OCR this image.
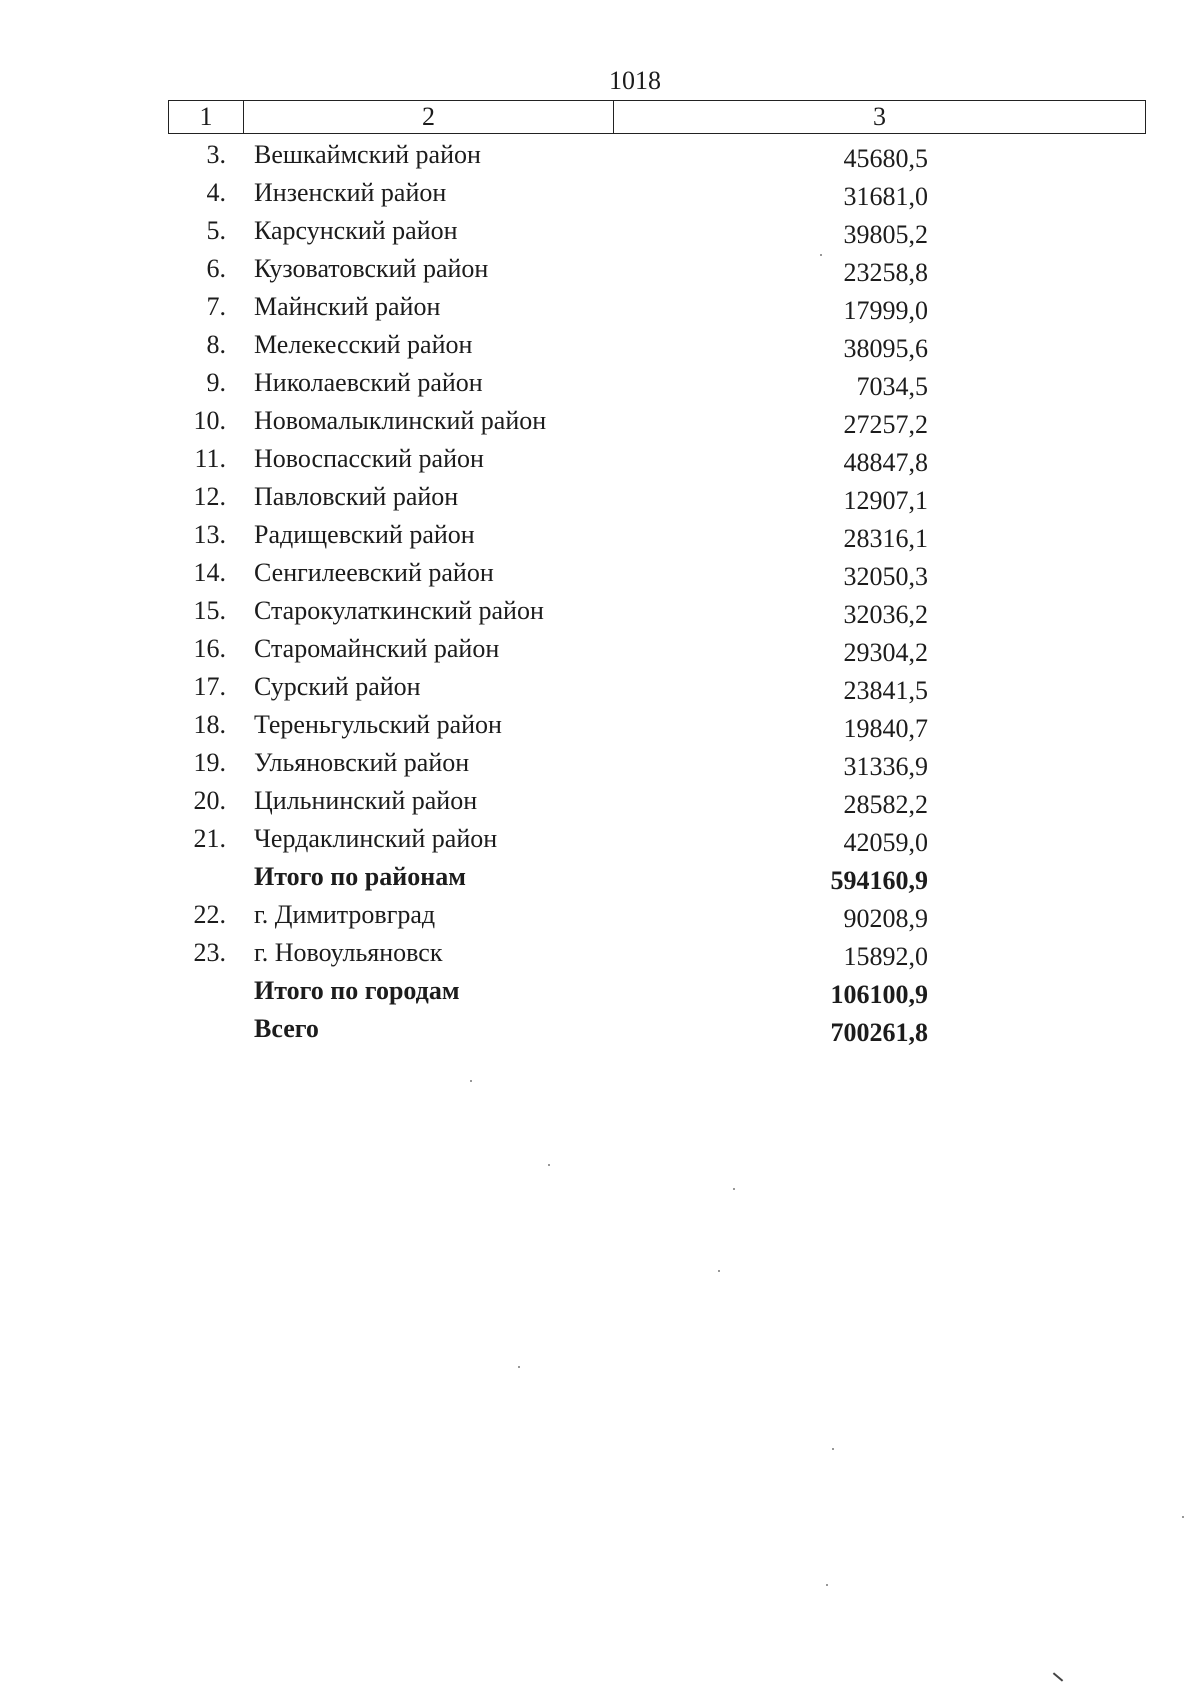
1018
1	2	3
3. Вешкаймский район	45680,5
4. Инзенский район	31681,0
5. Карсунский район	39805,2
6. Кузоватовский район	23258,8
7. Майнский район	17999,0
8. Мелекесский район	38095,6
9. Николаевский район	7034,5
10. Новомалыклинский район	27257,2
11. Новоспасский район	48847,8
12. Павловский район	12907,1
13. Радищевский район	28316,1
14. Сенгилеевский район	32050,3
15. Старокулаткинский район	32036,2
16. Старомайнский район	29304,2
17. Сурский район	23841,5
18. Тереньгульский район	19840,7
19. Ульяновский район	31336,9
20. Цильнинский район	28582,2
21. Чердаклинский район	42059,0
Итого по районам	594160,9
22. г. Димитровград	90208,9
23. г. Новоульяновск	15892,0
Итого по городам	106100,9
Всего	700261,8
